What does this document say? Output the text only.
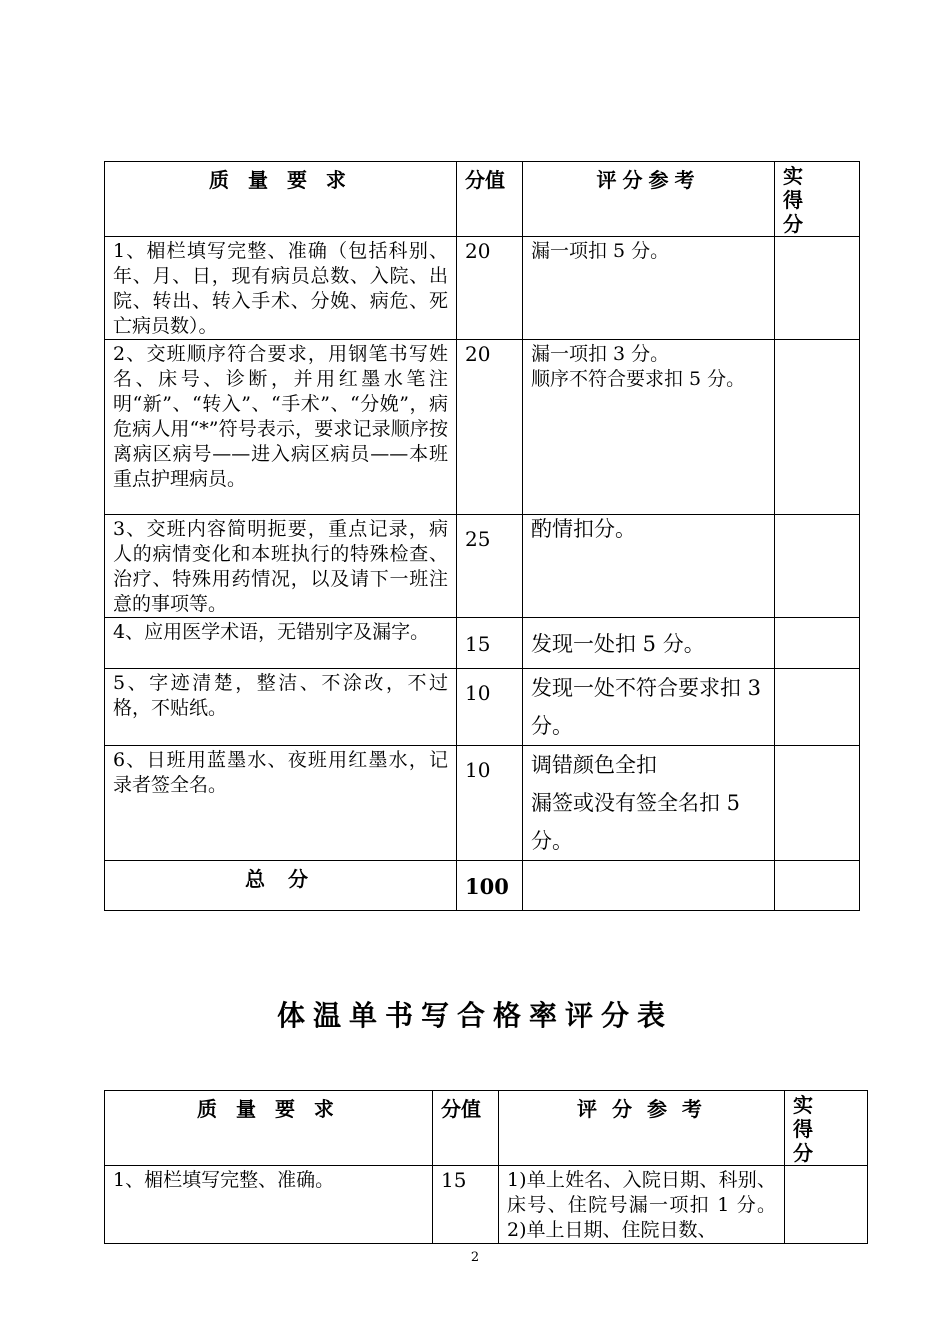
质 量 要 求	分值	评分参考	实得
分
1、楣栏填写完整、准确（包括科别、年、月、日，现有病员总数、入院、出院、转出、转入手术、分娩、病危、死亡病员数）。	20	漏一项扣 5 分。	

2、交班顺序符合要求，用钢笔书写姓名、床号、诊断，并用红墨水笔注明“新”、“转入”、“手术”、“分娩”，病危病人用“*”符号表示，要求记录顺序按离病区病号——进入病区病员——本班重点护理病员。	20	漏一项扣 3 分。
顺序不符合要求扣 5 分。	

3、交班内容简明扼要，重点记录，病人的病情变化和本班执行的特殊检查、治疗、特殊用药情况，以及请下一班注意的事项等。	25	酌情扣分。	

4、应用医学术语，无错别字及漏字。	15	发现一处扣 5 分。	

5、字迹清楚，整洁、不涂改，不过格，不贴纸。	10	发现一处不符合要求扣 3 分。	

6、日班用蓝墨水、夜班用红墨水，记录者签全名。	10	调错颜色全扣
漏签或没有签全名扣 5 分。	

总 分	100		
体温单书写合格率评分表
质 量 要 求	分值	评 分 参 考	实得
分
1、楣栏填写完整、准确。	15	1)单上姓名、入院日期、科别、床号、住院号漏一项扣 1 分。2)单上日期、住院日数、	

2
